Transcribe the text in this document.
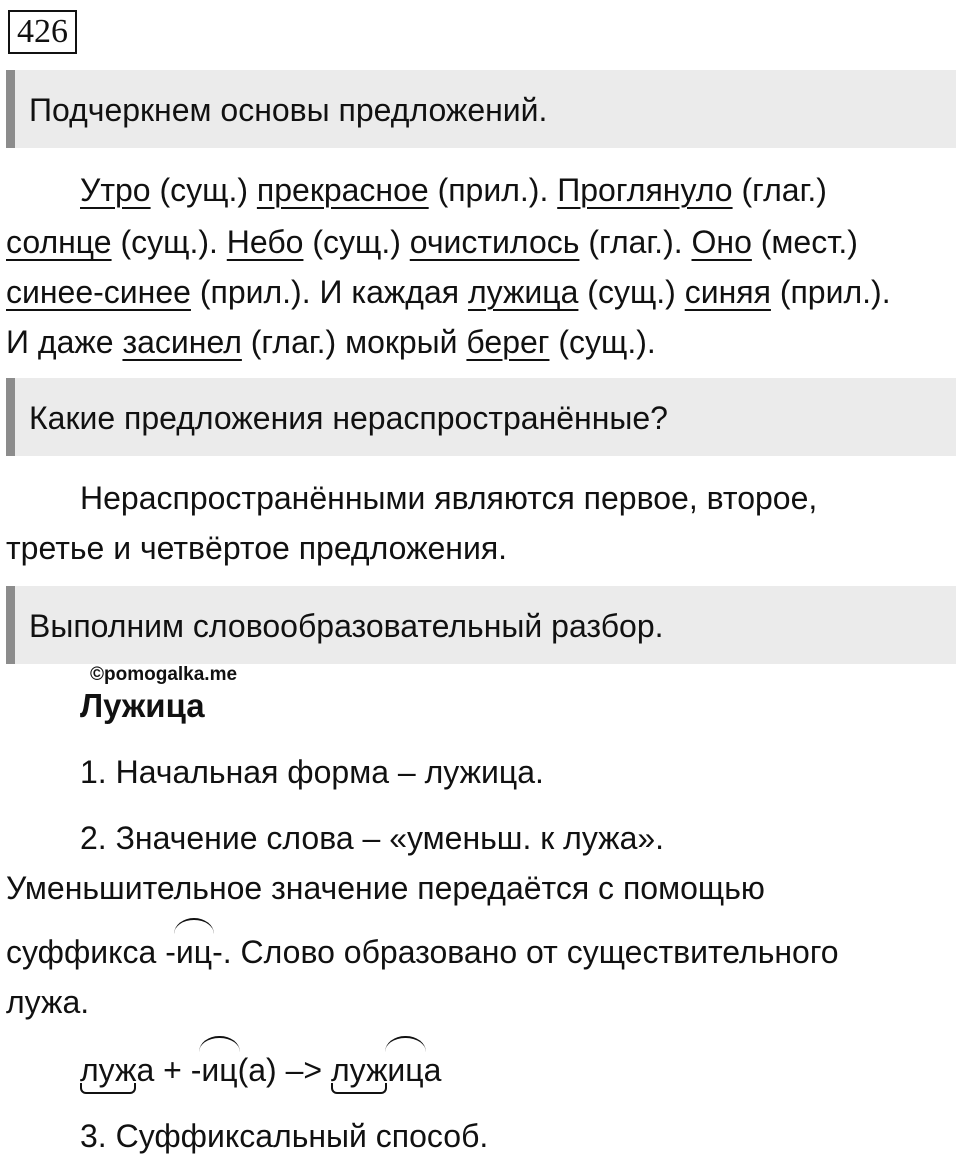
426
Подчеркнем основы предложений.
Утро (сущ.) прекрасное (прил.). Проглянуло (глаг.)
солнце (сущ.). Небо (сущ.) очистилось (глаг.). Оно (мест.)
синее-синее (прил.). И каждая лужица (сущ.) синяя (прил.).
И даже засинел (глаг.) мокрый берег (сущ.).
Какие предложения нераспространённые?
Нераспространёнными являются первое, второе,
третье и четвёртое предложения.
Выполним словообразовательный разбор.
©pomogalka.me
Лужица
1. Начальная форма – лужица.
2. Значение слова – «уменьш. к лужа».
Уменьшительное значение передаётся с помощью
суффикса -иц-. Слово образовано от существительного
лужа.
лужа + -иц(а) –> лужица
3. Суффиксальный способ.
